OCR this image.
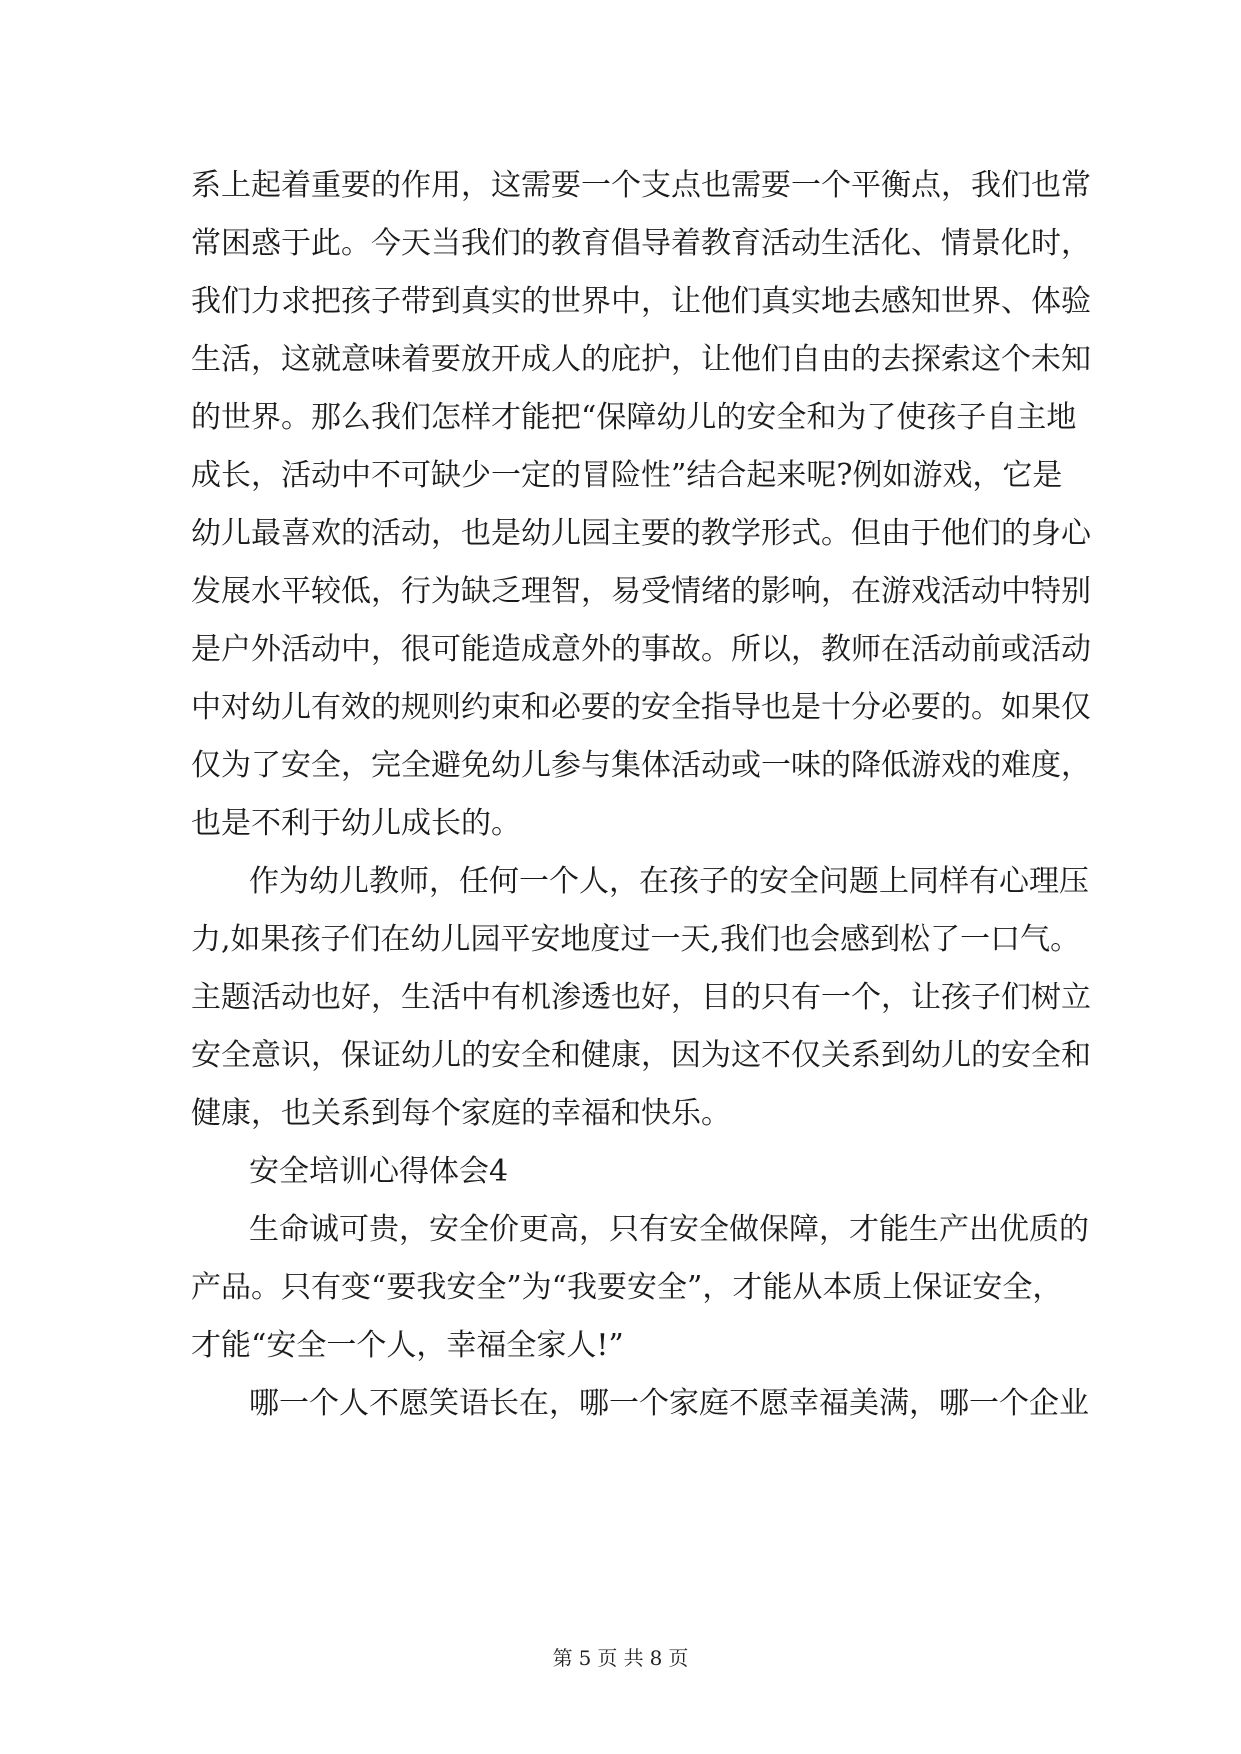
系上起着重要的作用，这需要一个支点也需要一个平衡点，我们也常
常困惑于此。今天当我们的教育倡导着教育活动生活化、情景化时，
我们力求把孩子带到真实的世界中，让他们真实地去感知世界、体验
生活，这就意味着要放开成人的庇护，让他们自由的去探索这个未知
的世界。那么我们怎样才能把“保障幼儿的安全和为了使孩子自主地
成长，活动中不可缺少一定的冒险性”结合起来呢?例如游戏，它是
幼儿最喜欢的活动，也是幼儿园主要的教学形式。但由于他们的身心
发展水平较低，行为缺乏理智，易受情绪的影响，在游戏活动中特别
是户外活动中，很可能造成意外的事故。所以，教师在活动前或活动
中对幼儿有效的规则约束和必要的安全指导也是十分必要的。如果仅
仅为了安全，完全避免幼儿参与集体活动或一味的降低游戏的难度，
也是不利于幼儿成长的。
作为幼儿教师，任何一个人，在孩子的安全问题上同样有心理压
力,如果孩子们在幼儿园平安地度过一天,我们也会感到松了一口气。
主题活动也好，生活中有机渗透也好，目的只有一个，让孩子们树立
安全意识，保证幼儿的安全和健康，因为这不仅关系到幼儿的安全和
健康，也关系到每个家庭的幸福和快乐。
安全培训心得体会4
生命诚可贵，安全价更高，只有安全做保障，才能生产出优质的
产品。只有变“要我安全”为“我要安全”，才能从本质上保证安全，
才能“安全一个人，幸福全家人!”
哪一个人不愿笑语长在，哪一个家庭不愿幸福美满，哪一个企业
第 5 页 共 8 页
